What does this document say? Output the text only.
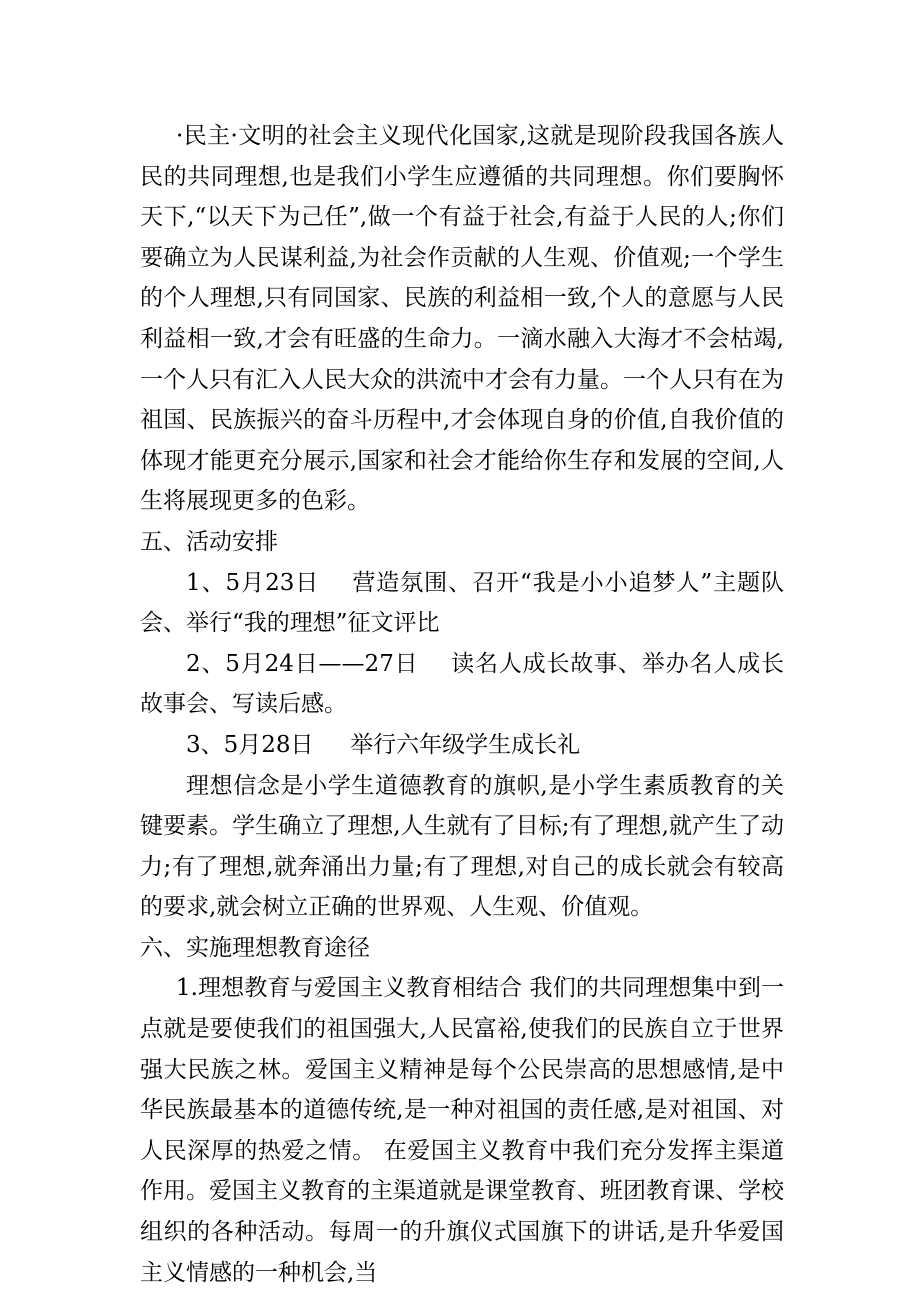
·民主·文明的社会主义现代化国家,这就是现阶段我国各族人民的共同理想,也是我们小学生应遵循的共同理想。你们要胸怀天下,“以天下为己任”,做一个有益于社会,有益于人民的人;你们要确立为人民谋利益,为社会作贡献的人生观、价值观;一个学生的个人理想,只有同国家、民族的利益相一致,个人的意愿与人民利益相一致,才会有旺盛的生命力。一滴水融入大海才不会枯竭,一个人只有汇入人民大众的洪流中才会有力量。一个人只有在为祖国、民族振兴的奋斗历程中,才会体现自身的价值,自我价值的体现才能更充分展示,国家和社会才能给你生存和发展的空间,人生将展现更多的色彩。

五、活动安排

1、5月23日    营造氛围、召开“我是小小追梦人”主题队会、举行“我的理想”征文评比

2、5月24日——27日    读名人成长故事、举办名人成长故事会、写读后感。

3、5月28日     举行六年级学生成长礼

理想信念是小学生道德教育的旗帜,是小学生素质教育的关键要素。学生确立了理想,人生就有了目标;有了理想,就产生了动力;有了理想,就奔涌出力量;有了理想,对自己的成长就会有较高的要求,就会树立正确的世界观、人生观、价值观。

六、实施理想教育途径

1.理想教育与爱国主义教育相结合 我们的共同理想集中到一点就是要使我们的祖国强大,人民富裕,使我们的民族自立于世界强大民族之林。爱国主义精神是每个公民崇高的思想感情,是中华民族最基本的道德传统,是一种对祖国的责任感,是对祖国、对人民深厚的热爱之情。 在爱国主义教育中我们充分发挥主渠道作用。爱国主义教育的主渠道就是课堂教育、班团教育课、学校组织的各种活动。每周一的升旗仪式国旗下的讲话,是升华爱国主义情感的一种机会,当
